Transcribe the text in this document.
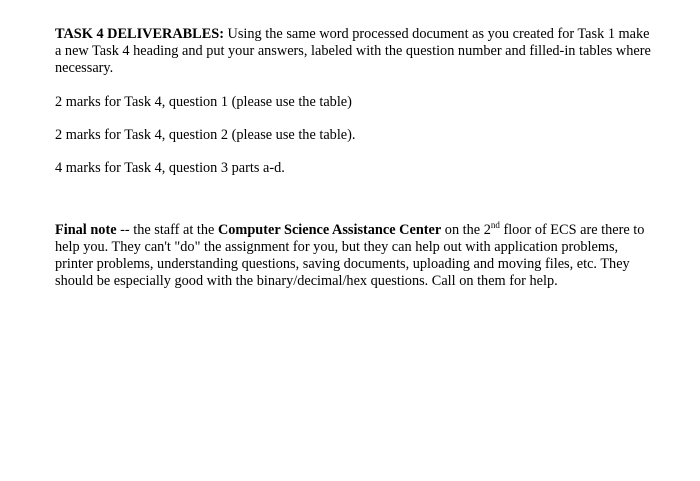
TASK 4 DELIVERABLES: Using the same word processed document as you created for Task 1 make a new Task 4 heading and put your answers, labeled with the question number and filled-in tables where necessary.

2 marks for Task 4, question 1 (please use the table)

2 marks for Task 4, question 2 (please use the table).

4 marks for Task 4, question 3 parts a-d.

Final note -- the staff at the Computer Science Assistance Center on the 2nd floor of ECS are there to help you. They can't "do" the assignment for you, but they can help out with application problems, printer problems, understanding questions, saving documents, uploading and moving files, etc. They should be especially good with the binary/decimal/hex questions. Call on them for help.
